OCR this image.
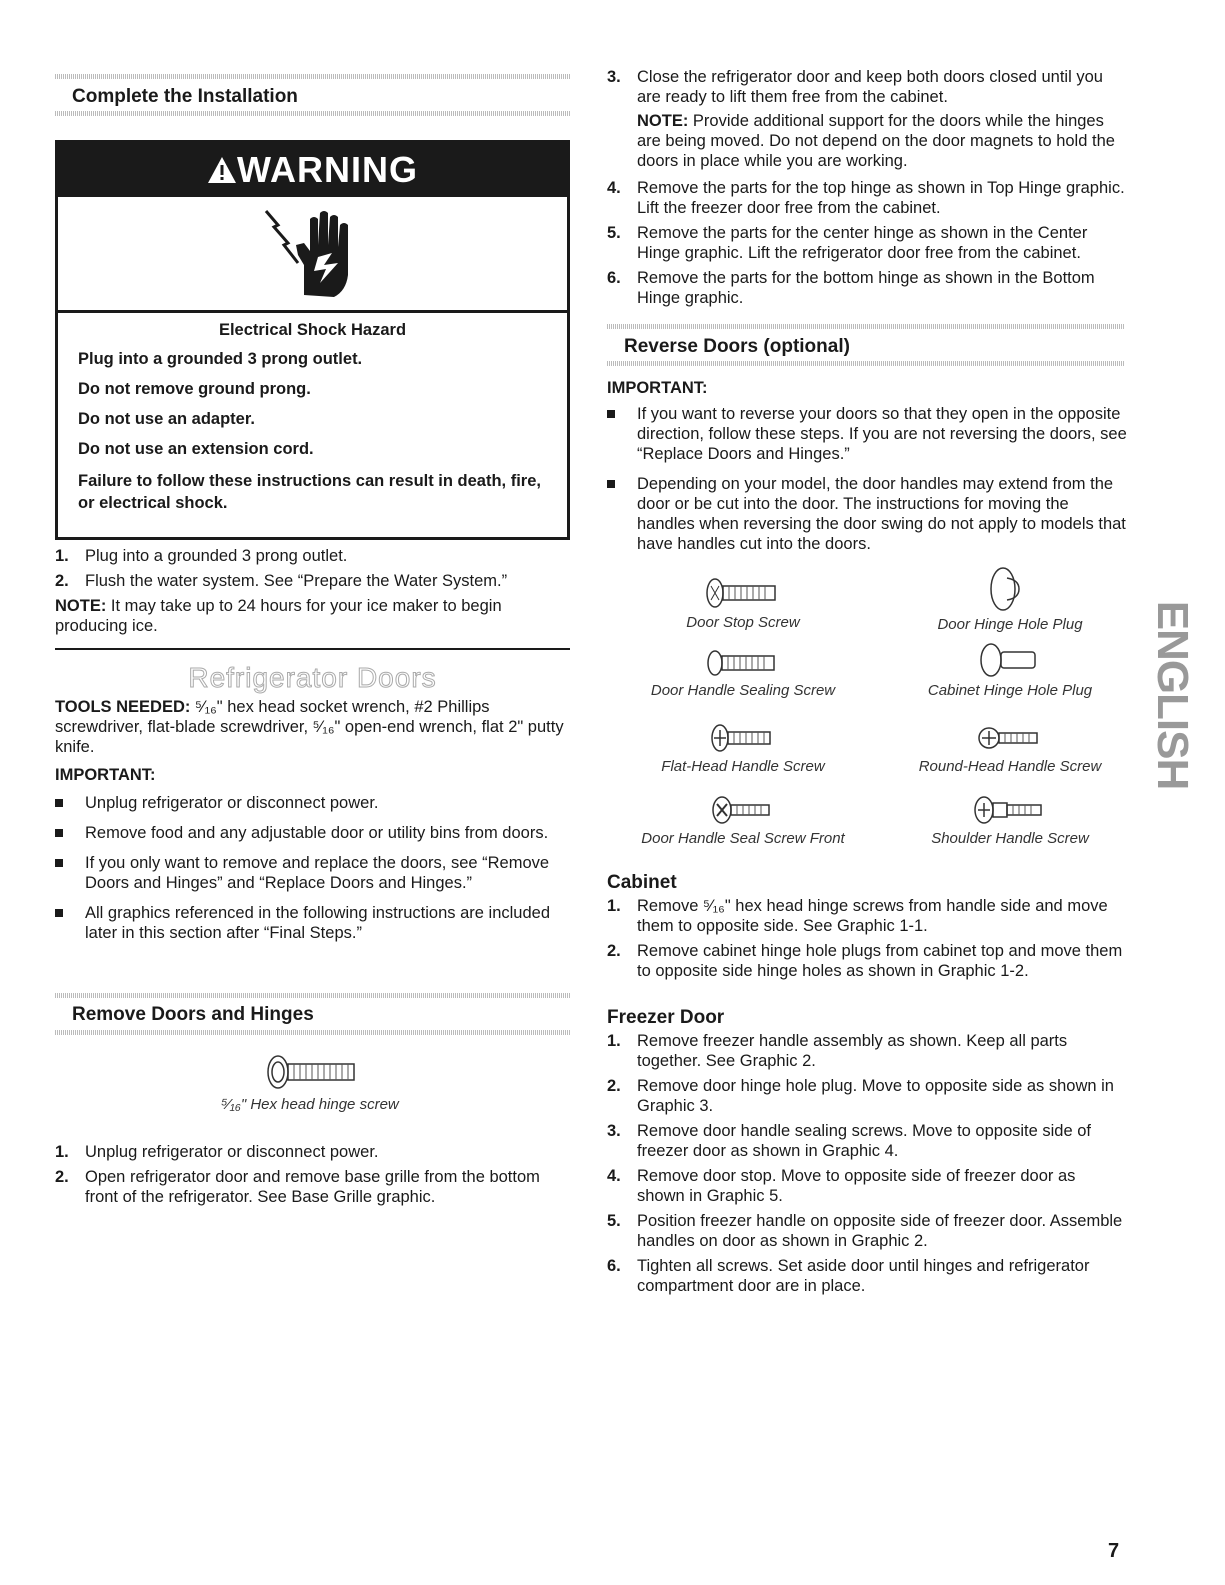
Complete the Installation
WARNING

Electrical Shock Hazard

Plug into a grounded 3 prong outlet.

Do not remove ground prong.

Do not use an adapter.

Do not use an extension cord.

Failure to follow these instructions can result in death, fire, or electrical shock.

1. Plug into a grounded 3 prong outlet.
2. Flush the water system. See “Prepare the Water System.”

NOTE: It may take up to 24 hours for your ice maker to begin producing ice.

Refrigerator Doors

TOOLS NEEDED: ⁵⁄₁₆" hex head socket wrench, #2 Phillips screwdriver, flat-blade screwdriver, ⁵⁄₁₆" open-end wrench, flat 2" putty knife.

IMPORTANT:

Unplug refrigerator or disconnect power.
Remove food and any adjustable door or utility bins from doors.
If you only want to remove and replace the doors, see “Remove Doors and Hinges” and “Replace Doors and Hinges.”
All graphics referenced in the following instructions are included later in this section after “Final Steps.”
Remove Doors and Hinges
⁵⁄₁₆" Hex head hinge screw
1. Unplug refrigerator or disconnect power.
2. Open refrigerator door and remove base grille from the bottom front of the refrigerator. See Base Grille graphic.
3. Close the refrigerator door and keep both doors closed until you are ready to lift them free from the cabinet.

NOTE: Provide additional support for the doors while the hinges are being moved. Do not depend on the door magnets to hold the doors in place while you are working.

4. Remove the parts for the top hinge as shown in Top Hinge graphic. Lift the freezer door free from the cabinet.
5. Remove the parts for the center hinge as shown in the Center Hinge graphic. Lift the refrigerator door free from the cabinet.
6. Remove the parts for the bottom hinge as shown in the Bottom Hinge graphic.
Reverse Doors (optional)

IMPORTANT:

If you want to reverse your doors so that they open in the opposite direction, follow these steps. If you are not reversing the doors, see “Replace Doors and Hinges.”
Depending on your model, the door handles may extend from the door or be cut into the door. The instructions for moving the handles when reversing the door swing do not apply to models that have handles cut into the doors.
Door Stop Screw	Door Hinge Hole Plug
Door Handle Sealing Screw	Cabinet Hinge Hole Plug
Flat-Head Handle Screw	Round-Head Handle Screw
Door Handle Seal Screw Front	Shoulder Handle Screw

Cabinet

1. Remove ⁵⁄₁₆" hex head hinge screws from handle side and move them to opposite side. See Graphic 1-1.
2. Remove cabinet hinge hole plugs from cabinet top and move them to opposite side hinge holes as shown in Graphic 1-2.

Freezer Door

1. Remove freezer handle assembly as shown. Keep all parts together. See Graphic 2.
2. Remove door hinge hole plug. Move to opposite side as shown in Graphic 3.
3. Remove door handle sealing screws. Move to opposite side of freezer door as shown in Graphic 4.
4. Remove door stop. Move to opposite side of freezer door as shown in Graphic 5.
5. Position freezer handle on opposite side of freezer door. Assemble handles on door as shown in Graphic 2.
6. Tighten all screws. Set aside door until hinges and refrigerator compartment door are in place.
ENGLISH
7
